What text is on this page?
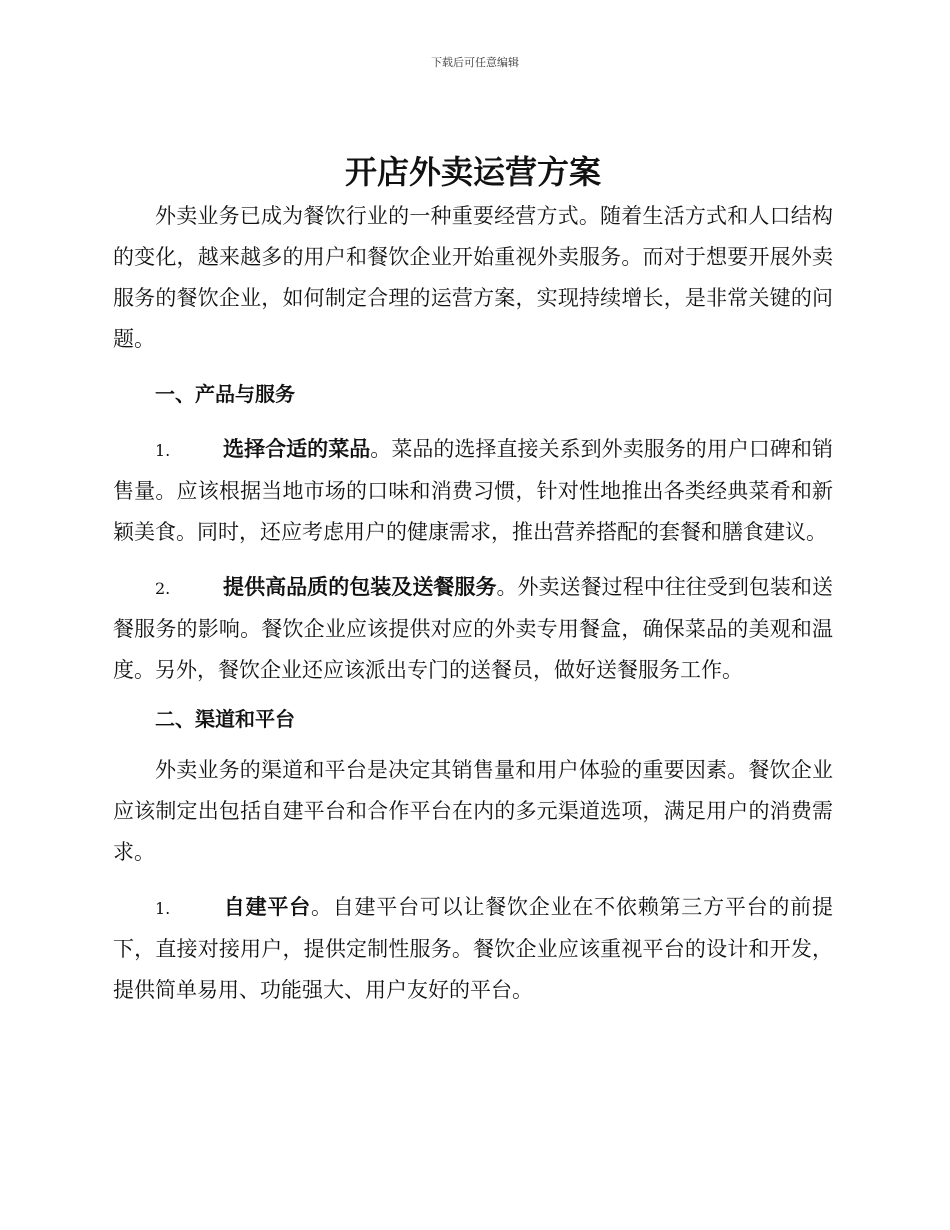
下载后可任意编辑
开店外卖运营方案

外卖业务已成为餐饮行业的一种重要经营方式。随着生活方式和人口结构的变化，越来越多的用户和餐饮企业开始重视外卖服务。而对于想要开展外卖服务的餐饮企业，如何制定合理的运营方案，实现持续增长，是非常关键的问题。

一、产品与服务

1.	选择合适的菜品。菜品的选择直接关系到外卖服务的用户口碑和销售量。应该根据当地市场的口味和消费习惯，针对性地推出各类经典菜肴和新颖美食。同时，还应考虑用户的健康需求，推出营养搭配的套餐和膳食建议。

2.	提供高品质的包装及送餐服务。外卖送餐过程中往往受到包装和送餐服务的影响。餐饮企业应该提供对应的外卖专用餐盒，确保菜品的美观和温度。另外，餐饮企业还应该派出专门的送餐员，做好送餐服务工作。

二、渠道和平台

外卖业务的渠道和平台是决定其销售量和用户体验的重要因素。餐饮企业应该制定出包括自建平台和合作平台在内的多元渠道选项，满足用户的消费需求。

1.	自建平台。自建平台可以让餐饮企业在不依赖第三方平台的前提下，直接对接用户，提供定制性服务。餐饮企业应该重视平台的设计和开发，提供简单易用、功能强大、用户友好的平台。
